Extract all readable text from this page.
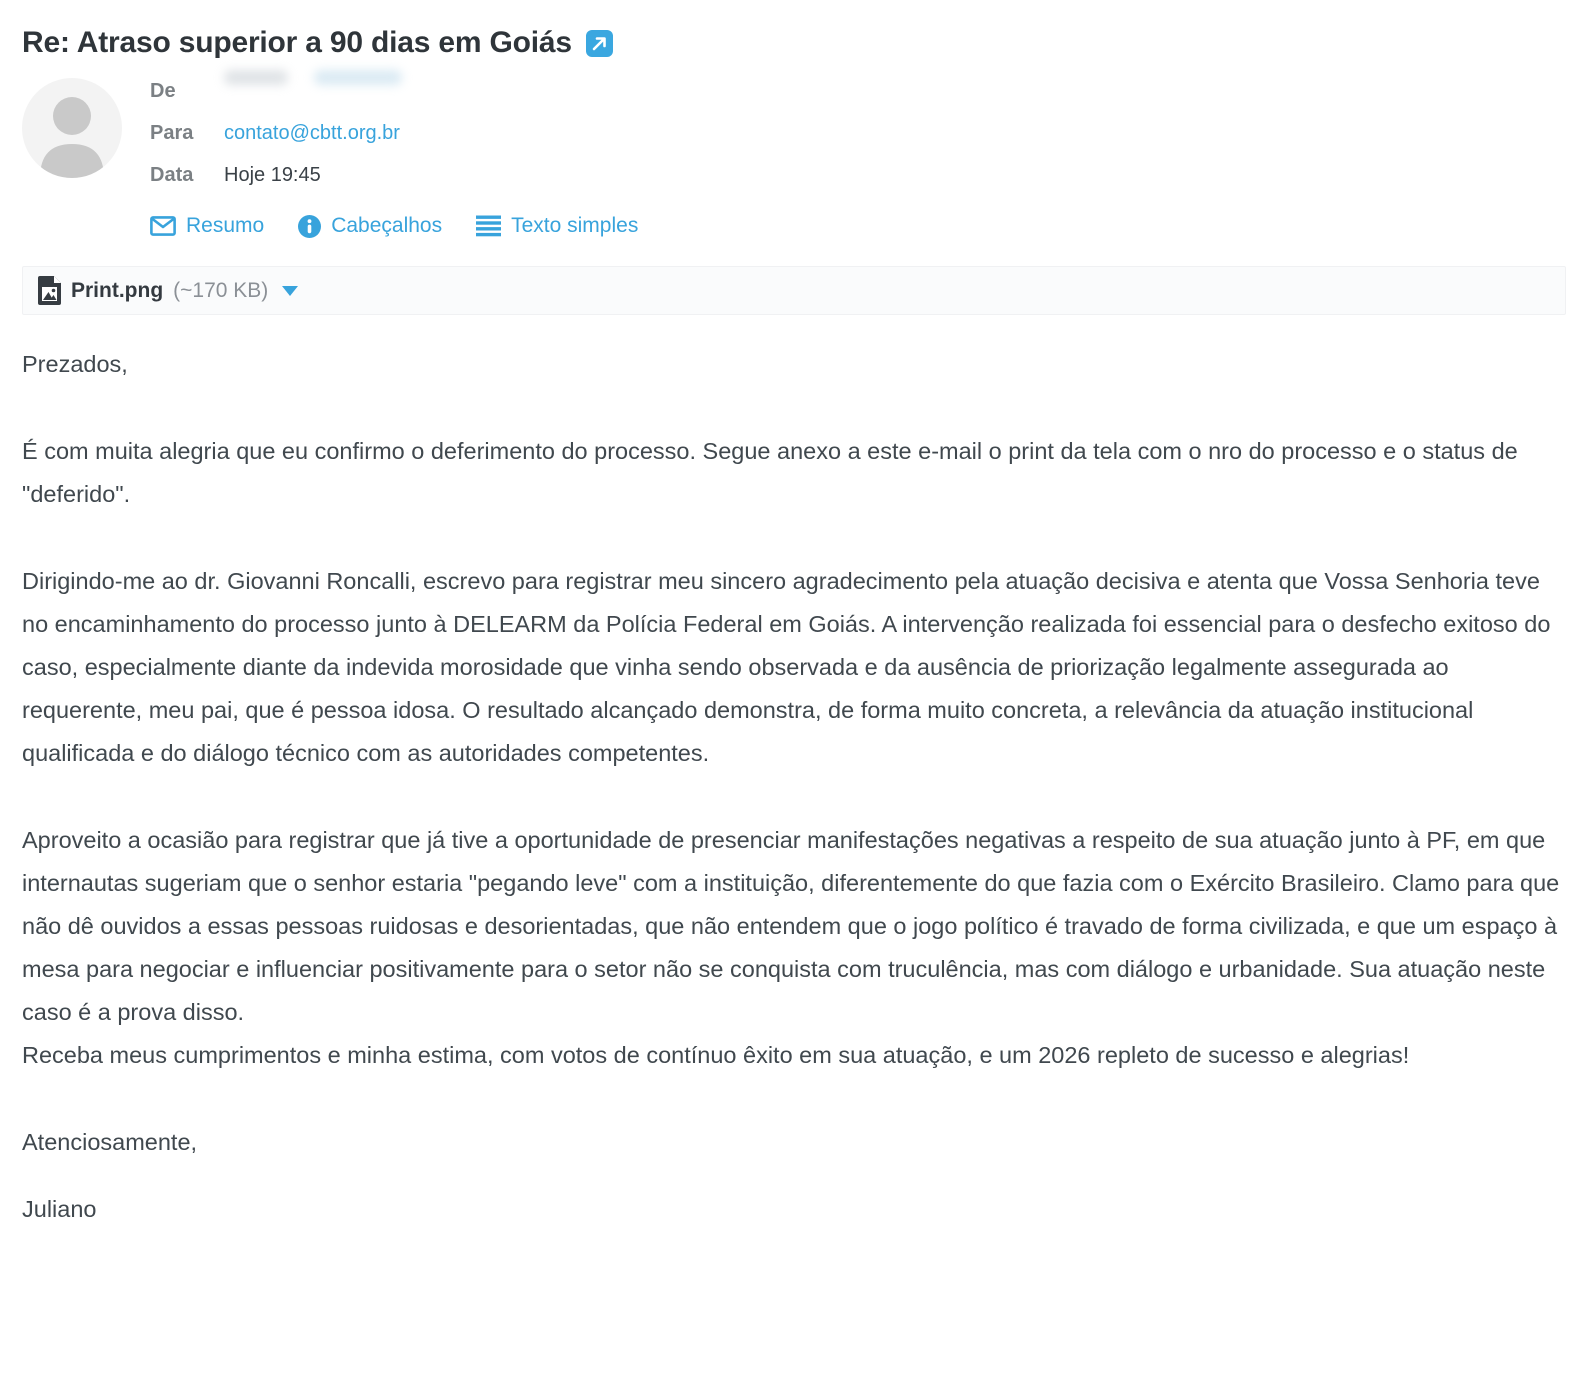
Re: Atraso superior a 90 dias em Goiás
De
Para	contato@cbtt.org.br
Data	Hoje 19:45
Resumo	Cabeçalhos	Texto simples
Print.png (~170 KB)

Prezados,

É com muita alegria que eu confirmo o deferimento do processo. Segue anexo a este e-mail o print da tela com o nro do processo e o status de "deferido".

Dirigindo-me ao dr. Giovanni Roncalli, escrevo para registrar meu sincero agradecimento pela atuação decisiva e atenta que Vossa Senhoria teve no encaminhamento do processo junto à DELEARM da Polícia Federal em Goiás. A intervenção realizada foi essencial para o desfecho exitoso do caso, especialmente diante da indevida morosidade que vinha sendo observada e da ausência de priorização legalmente assegurada ao requerente, meu pai, que é pessoa idosa. O resultado alcançado demonstra, de forma muito concreta, a relevância da atuação institucional qualificada e do diálogo técnico com as autoridades competentes.

Aproveito a ocasião para registrar que já tive a oportunidade de presenciar manifestações negativas a respeito de sua atuação junto à PF, em que internautas sugeriam que o senhor estaria "pegando leve" com a instituição, diferentemente do que fazia com o Exército Brasileiro. Clamo para que não dê ouvidos a essas pessoas ruidosas e desorientadas, que não entendem que o jogo político é travado de forma civilizada, e que um espaço à mesa para negociar e influenciar positivamente para o setor não se conquista com truculência, mas com diálogo e urbanidade. Sua atuação neste caso é a prova disso.

Receba meus cumprimentos e minha estima, com votos de contínuo êxito em sua atuação, e um 2026 repleto de sucesso e alegrias!

Atenciosamente,

Juliano
